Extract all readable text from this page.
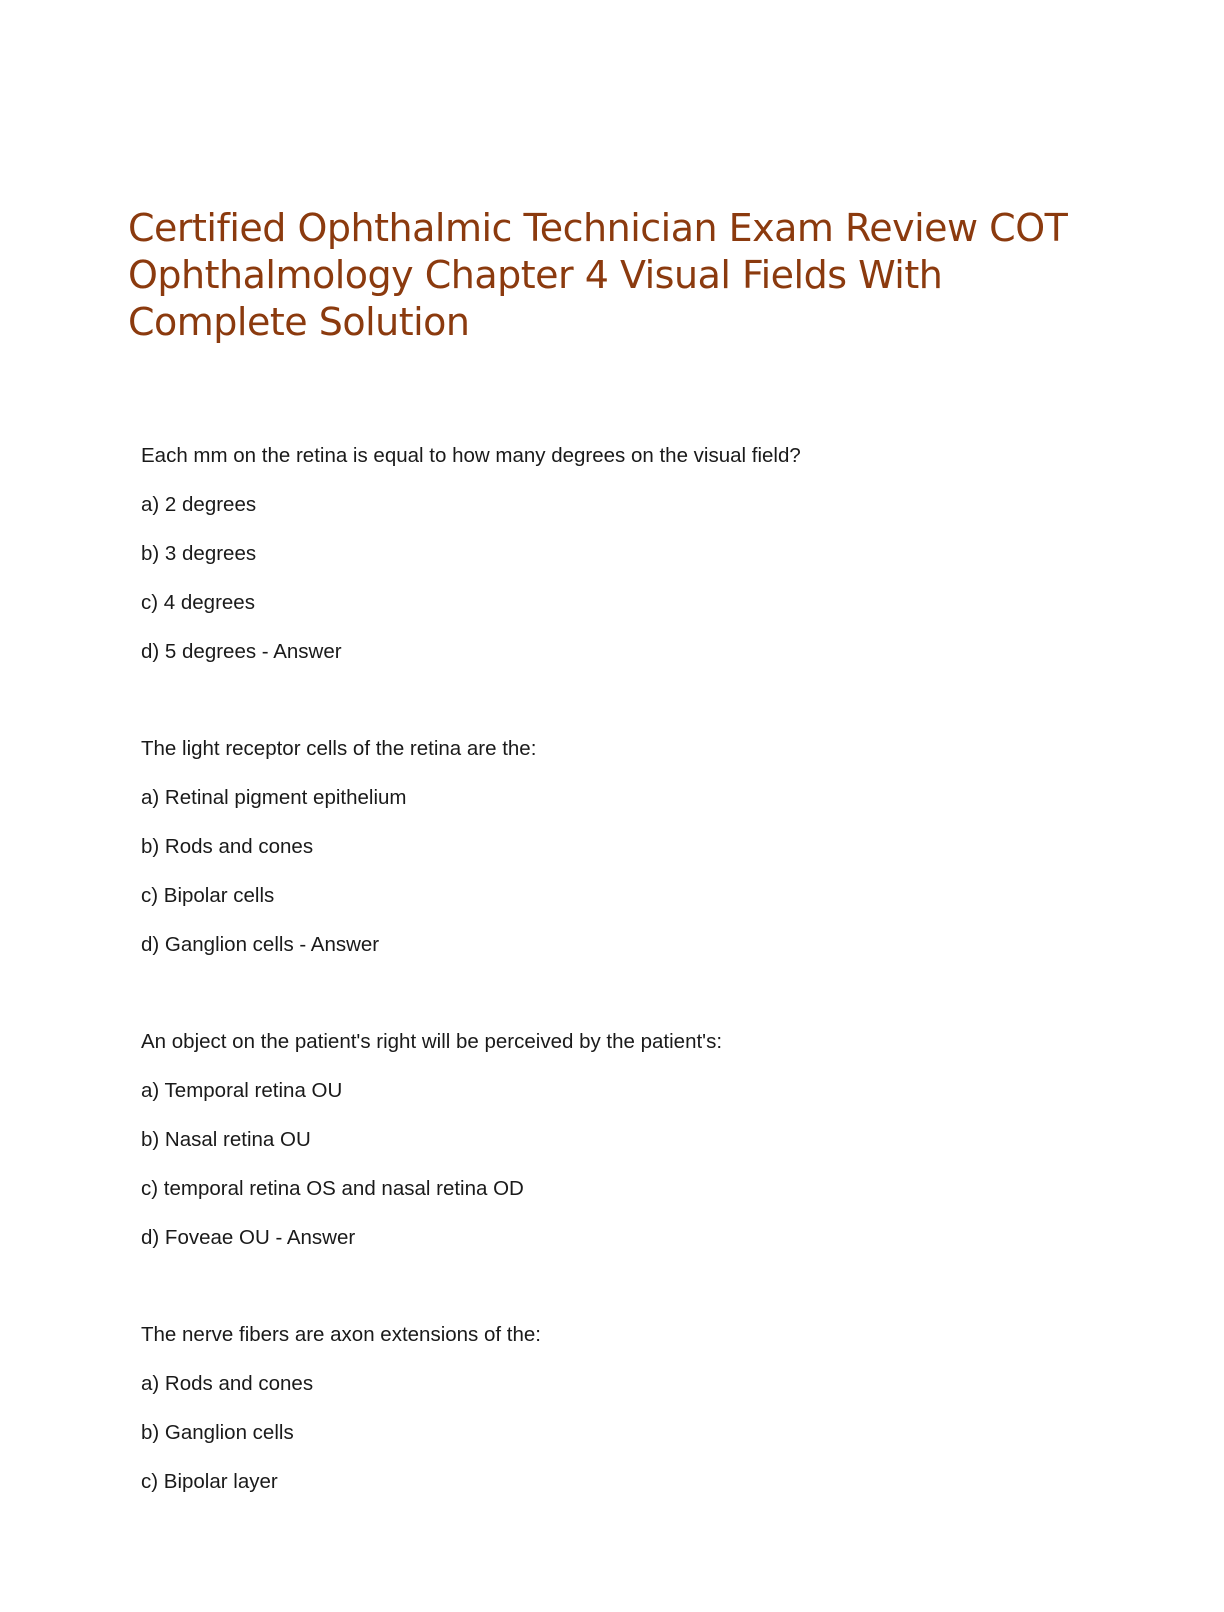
Certified Ophthalmic Technician Exam Review COT Ophthalmology Chapter 4 Visual Fields With Complete Solution
Each mm on the retina is equal to how many degrees on the visual field?
a) 2 degrees
b) 3 degrees
c) 4 degrees
d) 5 degrees - Answer
The light receptor cells of the retina are the:
a) Retinal pigment epithelium
b) Rods and cones
c) Bipolar cells
d) Ganglion cells - Answer
An object on the patient's right will be perceived by the patient's:
a) Temporal retina OU
b) Nasal retina OU
c) temporal retina OS and nasal retina OD
d) Foveae OU - Answer
The nerve fibers are axon extensions of the:
a) Rods and cones
b) Ganglion cells
c) Bipolar layer
